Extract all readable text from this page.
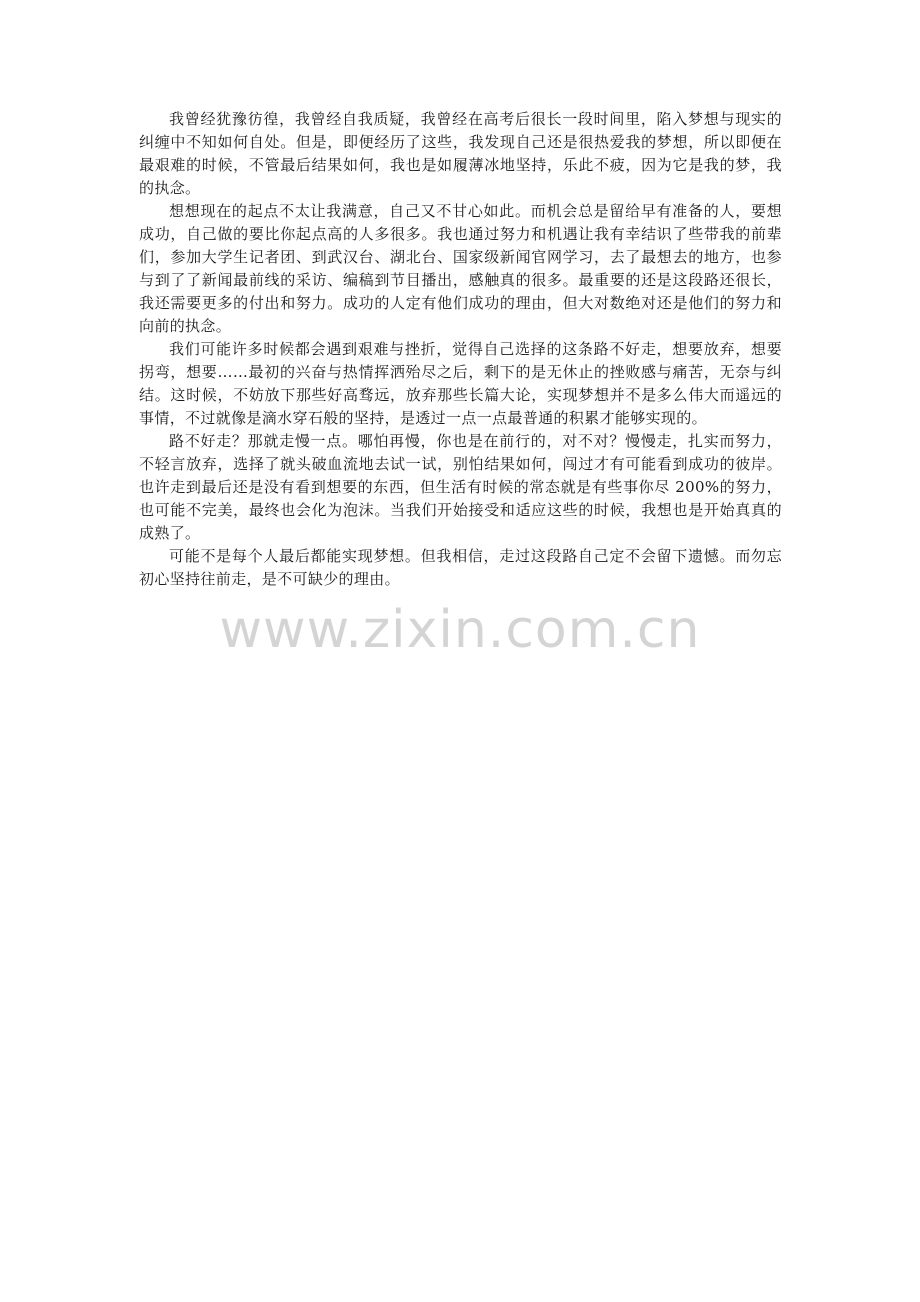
我曾经犹豫彷徨，我曾经自我质疑，我曾经在高考后很长一段时间里，陷入梦想与现实的纠缠中不知如何自处。但是，即便经历了这些，我发现自己还是很热爱我的梦想，所以即便在最艰难的时候，不管最后结果如何，我也是如履薄冰地坚持，乐此不疲，因为它是我的梦，我的执念。

想想现在的起点不太让我满意，自己又不甘心如此。而机会总是留给早有准备的人，要想成功，自己做的要比你起点高的人多很多。我也通过努力和机遇让我有幸结识了些带我的前辈们，参加大学生记者团、到武汉台、湖北台、国家级新闻官网学习，去了最想去的地方，也参与到了了新闻最前线的采访、编稿到节目播出，感触真的很多。最重要的还是这段路还很长，我还需要更多的付出和努力。成功的人定有他们成功的理由，但大对数绝对还是他们的努力和向前的执念。

我们可能许多时候都会遇到艰难与挫折，觉得自己选择的这条路不好走，想要放弃，想要拐弯，想要……最初的兴奋与热情挥洒殆尽之后，剩下的是无休止的挫败感与痛苦，无奈与纠结。这时候，不妨放下那些好高骛远，放弃那些长篇大论，实现梦想并不是多么伟大而遥远的事情，不过就像是滴水穿石般的坚持，是透过一点一点最普通的积累才能够实现的。

路不好走？那就走慢一点。哪怕再慢，你也是在前行的，对不对？慢慢走，扎实而努力，不轻言放弃，选择了就头破血流地去试一试，别怕结果如何，闯过才有可能看到成功的彼岸。也许走到最后还是没有看到想要的东西，但生活有时候的常态就是有些事你尽 200%的努力，也可能不完美，最终也会化为泡沫。当我们开始接受和适应这些的时候，我想也是开始真真的成熟了。

可能不是每个人最后都能实现梦想。但我相信，走过这段路自己定不会留下遗憾。而勿忘初心坚持往前走，是不可缺少的理由。

www.zixin.com.cn
